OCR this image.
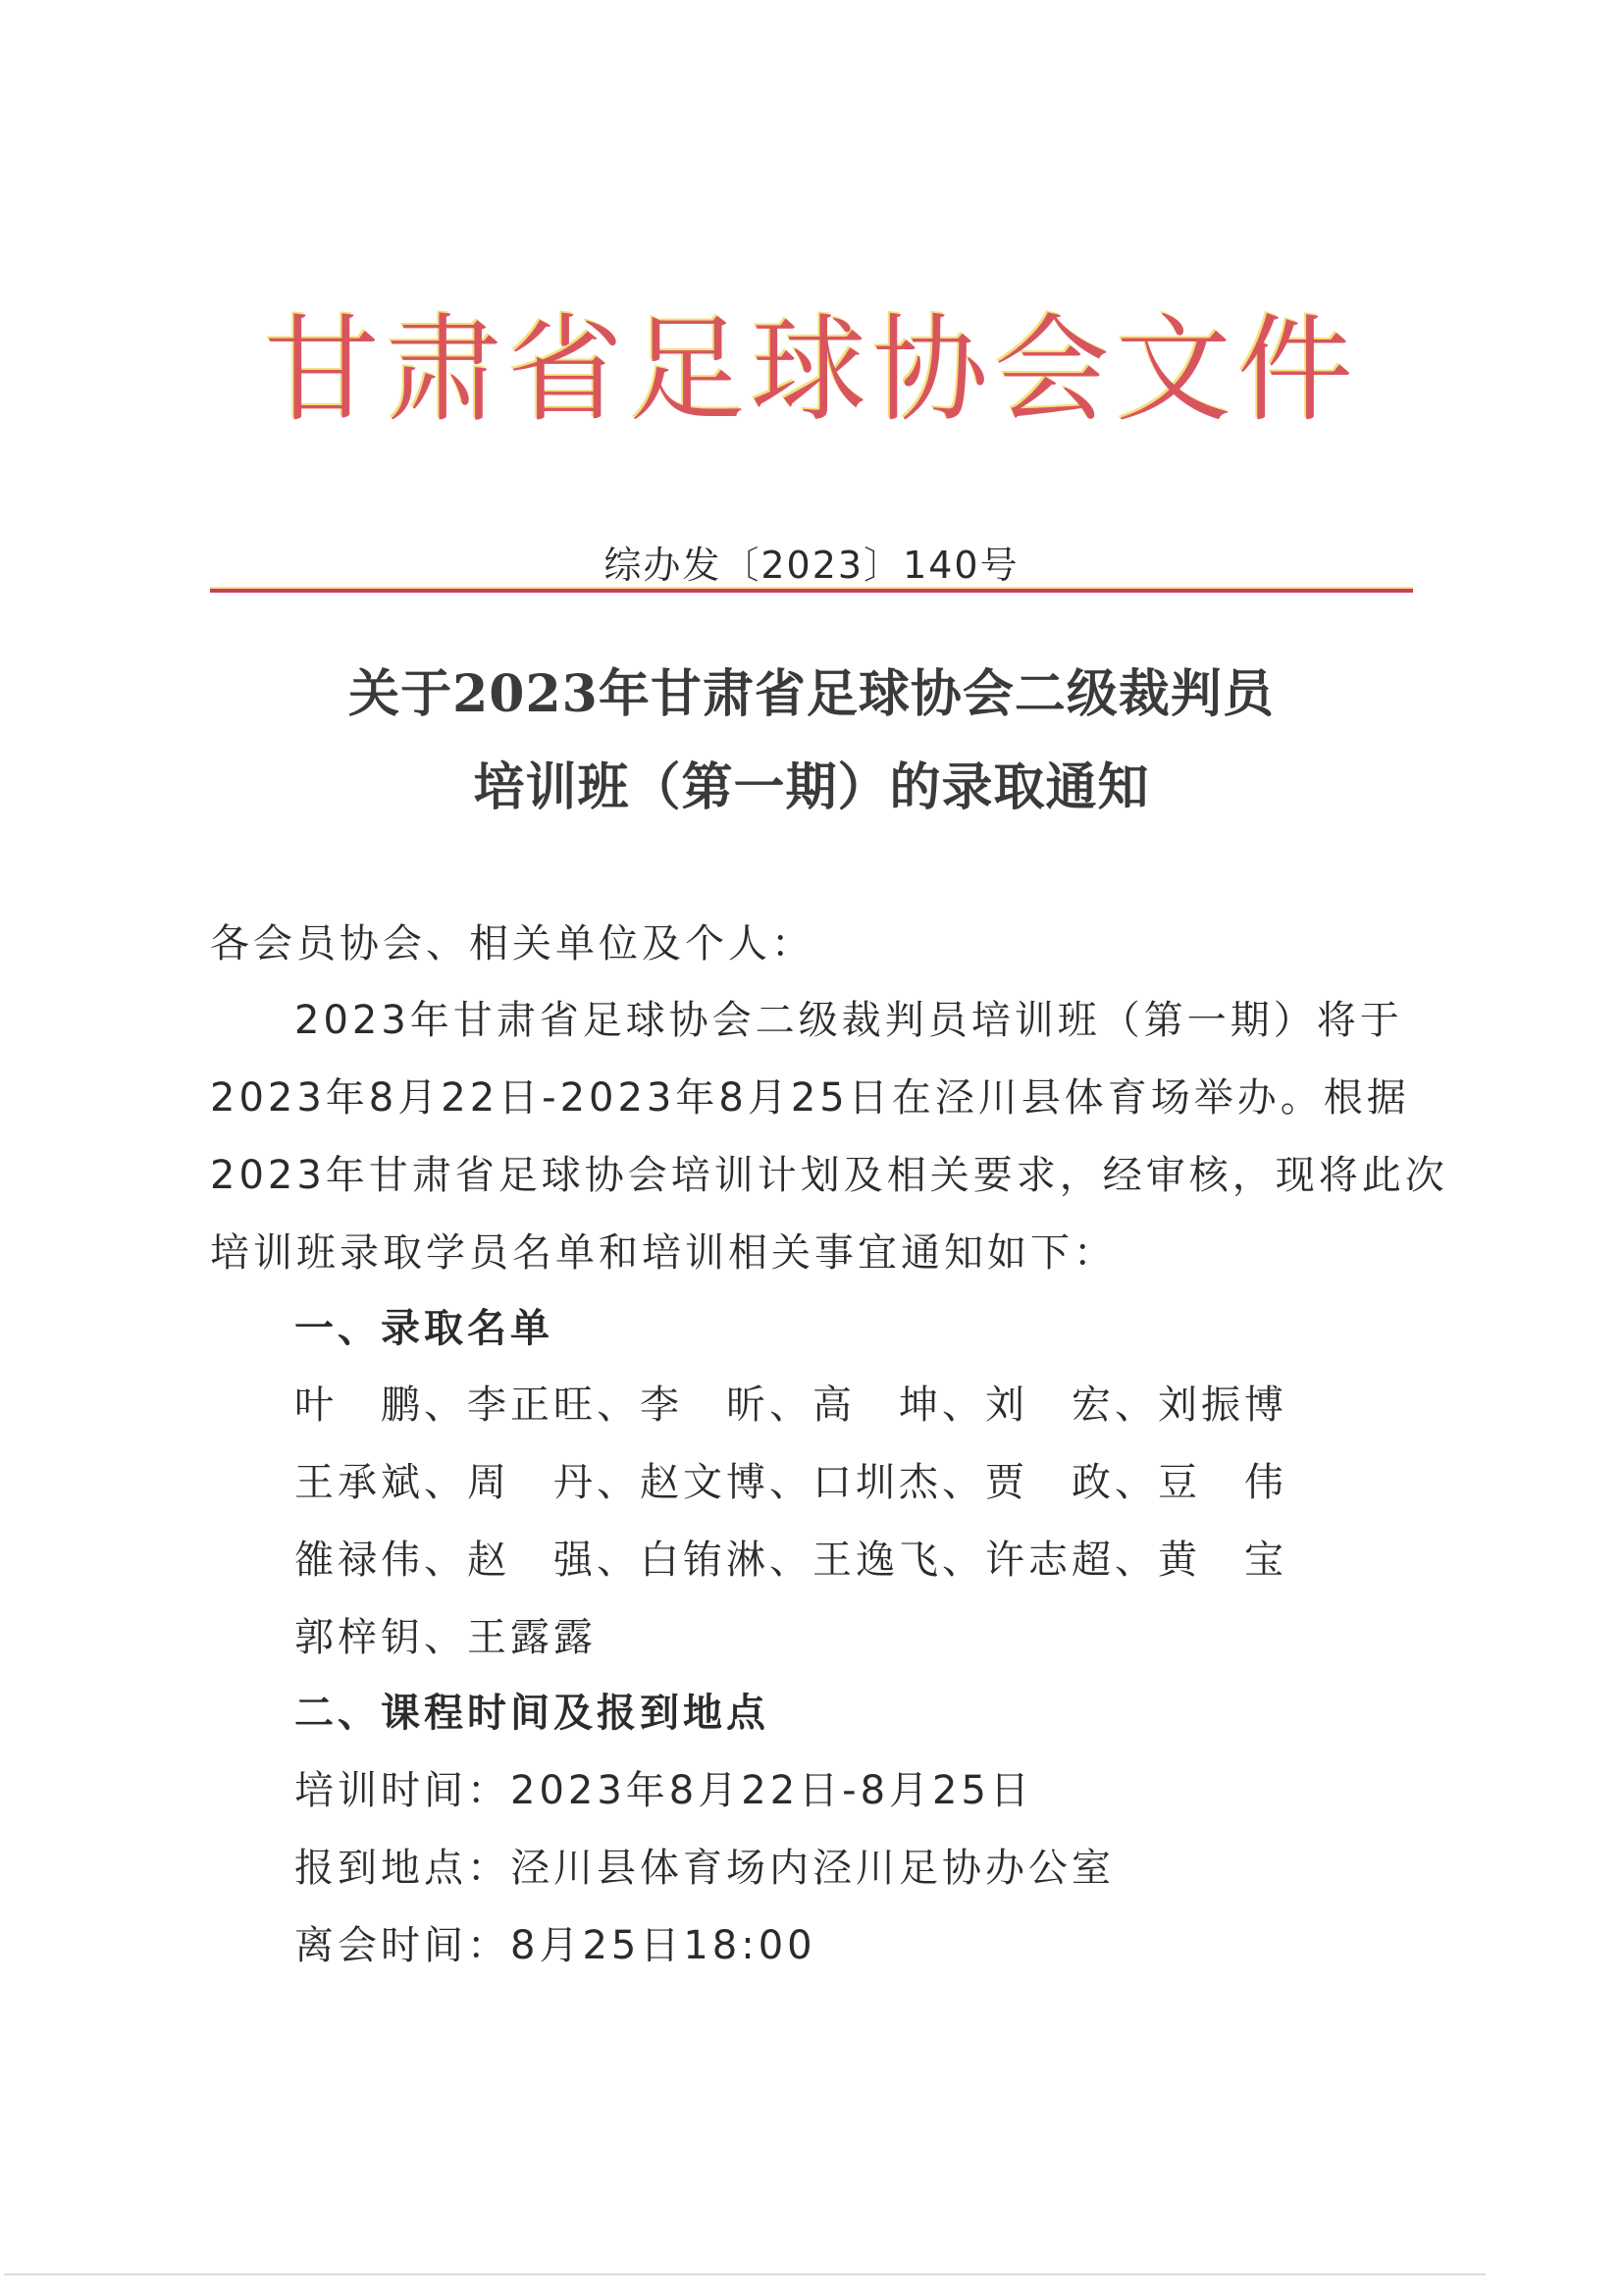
甘肃省足球协会文件
综办发〔2023〕140号
关于2023年甘肃省足球协会二级裁判员
培训班（第一期）的录取通知
各会员协会、相关单位及个人：
2023年甘肃省足球协会二级裁判员培训班（第一期）将于
2023年8月22日-2023年8月25日在泾川县体育场举办。根据
2023年甘肃省足球协会培训计划及相关要求，经审核，现将此次
培训班录取学员名单和培训相关事宜通知如下：
一、录取名单
叶　鹏、李正旺、李　昕、高　坤、刘　宏、刘振博
王承斌、周　丹、赵文博、口圳杰、贾　政、豆　伟
雒禄伟、赵　强、白铕淋、王逸飞、许志超、黄　宝
郭梓钥、王露露
二、课程时间及报到地点
培训时间：2023年8月22日-8月25日
报到地点：泾川县体育场内泾川足协办公室
离会时间：8月25日18:00
